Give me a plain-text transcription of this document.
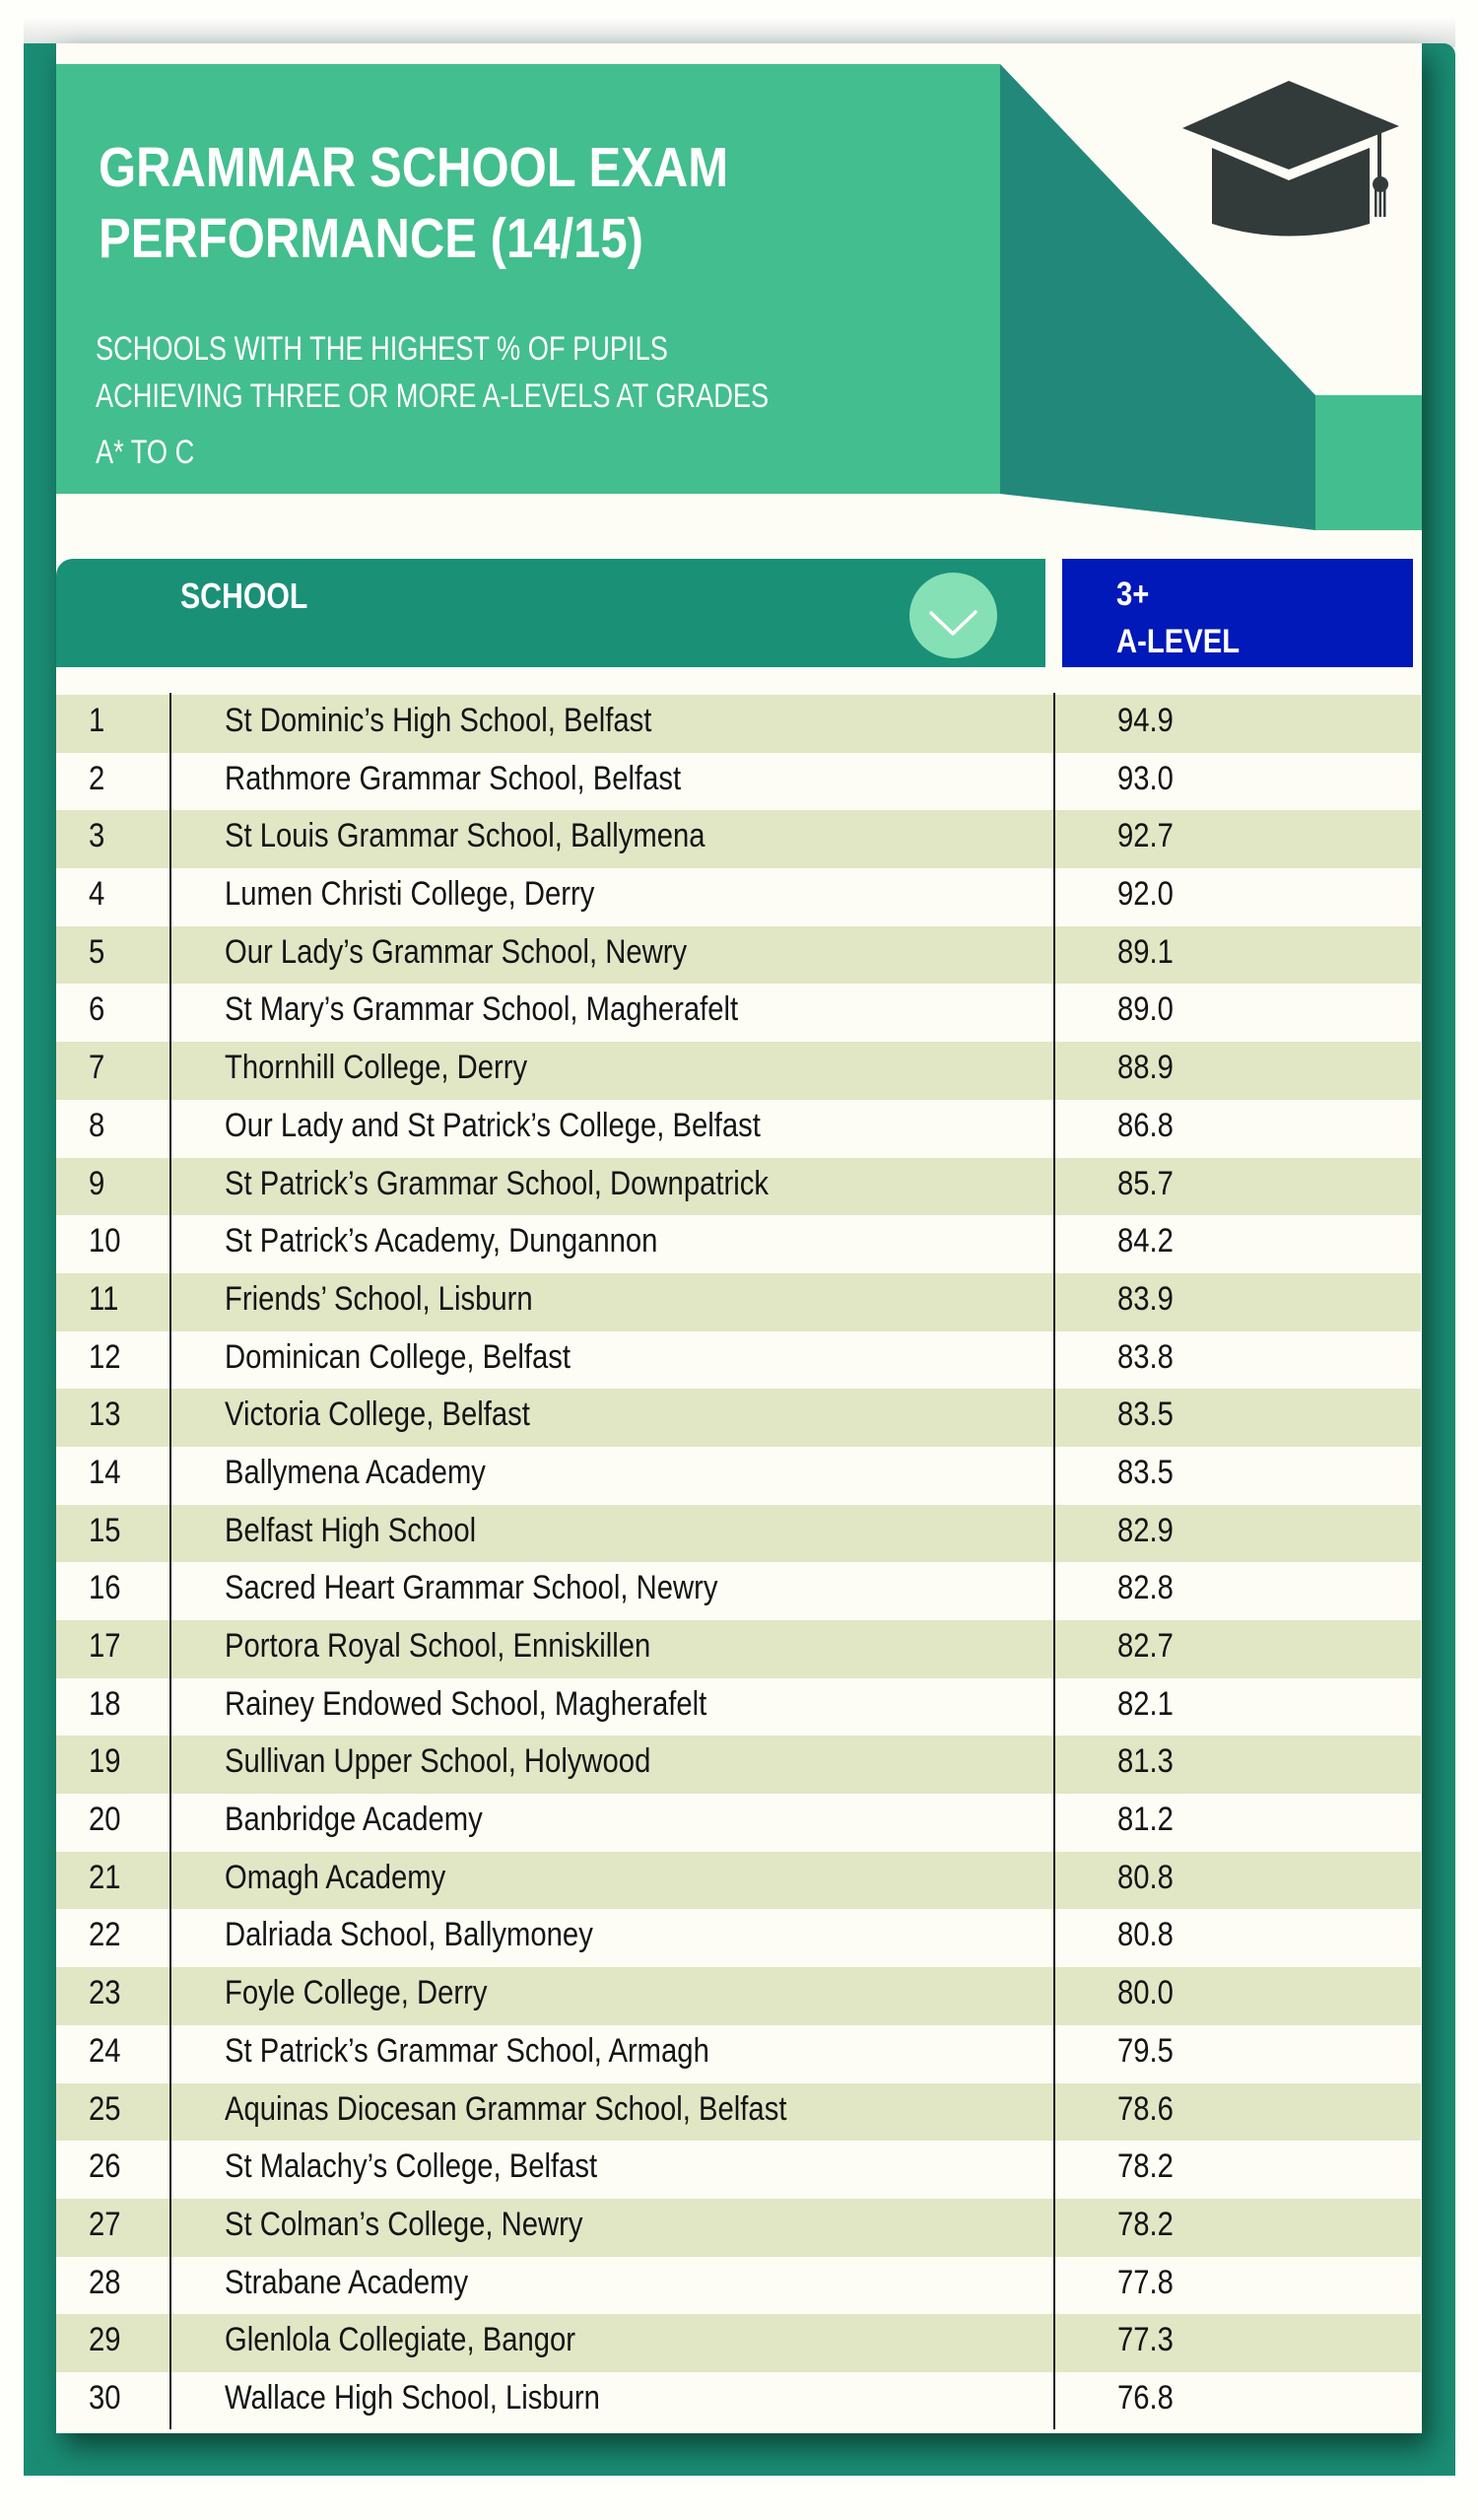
GRAMMAR SCHOOL EXAM
PERFORMANCE (14/15)
SCHOOLS WITH THE HIGHEST % OF PUPILS
ACHIEVING THREE OR MORE A-LEVELS AT GRADES
A* TO C
SCHOOL	3+
A-LEVEL
1	St Dominic’s High School, Belfast	94.9
2	Rathmore Grammar School, Belfast	93.0
3	St Louis Grammar School, Ballymena	92.7
4	Lumen Christi College, Derry	92.0
5	Our Lady’s Grammar School, Newry	89.1
6	St Mary’s Grammar School, Magherafelt	89.0
7	Thornhill College, Derry	88.9
8	Our Lady and St Patrick’s College, Belfast	86.8
9	St Patrick’s Grammar School, Downpatrick	85.7
10	St Patrick’s Academy, Dungannon	84.2
11	Friends’ School, Lisburn	83.9
12	Dominican College, Belfast	83.8
13	Victoria College, Belfast	83.5
14	Ballymena Academy	83.5
15	Belfast High School	82.9
16	Sacred Heart Grammar School, Newry	82.8
17	Portora Royal School, Enniskillen	82.7
18	Rainey Endowed School, Magherafelt	82.1
19	Sullivan Upper School, Holywood	81.3
20	Banbridge Academy	81.2
21	Omagh Academy	80.8
22	Dalriada School, Ballymoney	80.8
23	Foyle College, Derry	80.0
24	St Patrick’s Grammar School, Armagh	79.5
25	Aquinas Diocesan Grammar School, Belfast	78.6
26	St Malachy’s College, Belfast	78.2
27	St Colman’s College, Newry	78.2
28	Strabane Academy	77.8
29	Glenlola Collegiate, Bangor	77.3
30	Wallace High School, Lisburn	76.8
